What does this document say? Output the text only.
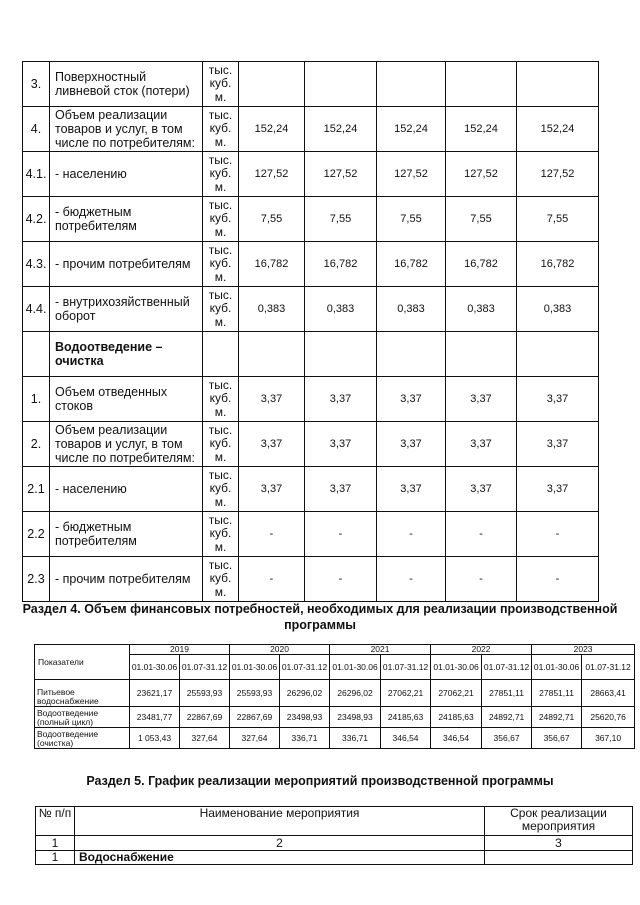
3.	Поверхностный ливневой сток (потери)	тыс. куб. м.					
4.	Объем реализации товаров и услуг, в том числе по потребителям:	тыс. куб. м.	152,24	152,24	152,24	152,24	152,24
4.1.	- населению	тыс. куб. м.	127,52	127,52	127,52	127,52	127,52
4.2.	- бюджетным потребителям	тыс. куб. м.	7,55	7,55	7,55	7,55	7,55
4.3.	- прочим потребителям	тыс. куб. м.	16,782	16,782	16,782	16,782	16,782
4.4.	- внутрихозяйственный оборот	тыс. куб. м.	0,383	0,383	0,383	0,383	0,383
	Водоотведение – очистка						
1.	Объем отведенных стоков	тыс. куб. м.	3,37	3,37	3,37	3,37	3,37
2.	Объем реализации товаров и услуг, в том числе по потребителям:	тыс. куб. м.	3,37	3,37	3,37	3,37	3,37
2.1	- населению	тыс. куб. м.	3,37	3,37	3,37	3,37	3,37
2.2	- бюджетным потребителям	тыс. куб. м.	-	-	-	-	-
2.3	- прочим потребителям	тыс. куб. м.	-	-	-	-	-
Раздел 4. Объем финансовых потребностей, необходимых для реализации производственной программы
Показатели	2019		2020		2021		2022		2023	
	01.01-30.06	01.07-31.12	01.01-30.06	01.07-31.12	01.01-30.06	01.07-31.12	01.01-30.06	01.07-31.12	01.01-30.06	01.07-31.12
Питьевое водоснабжение	23621,17	25593,93	25593,93	26296,02	26296,02	27062,21	27062,21	27851,11	27851,11	28663,41
Водоотведение (полный цикл)	23481,77	22867,69	22867,69	23498,93	23498,93	24185,63	24185,63	24892,71	24892,71	25620,76
Водоотведение (очистка)	1 053,43	327,64	327,64	336,71	336,71	346,54	346,54	356,67	356,67	367,10
Раздел 5. График реализации мероприятий производственной программы
№ п/п	Наименование мероприятия	Срок реализации мероприятия
1	2	3
1	Водоснабжение	
